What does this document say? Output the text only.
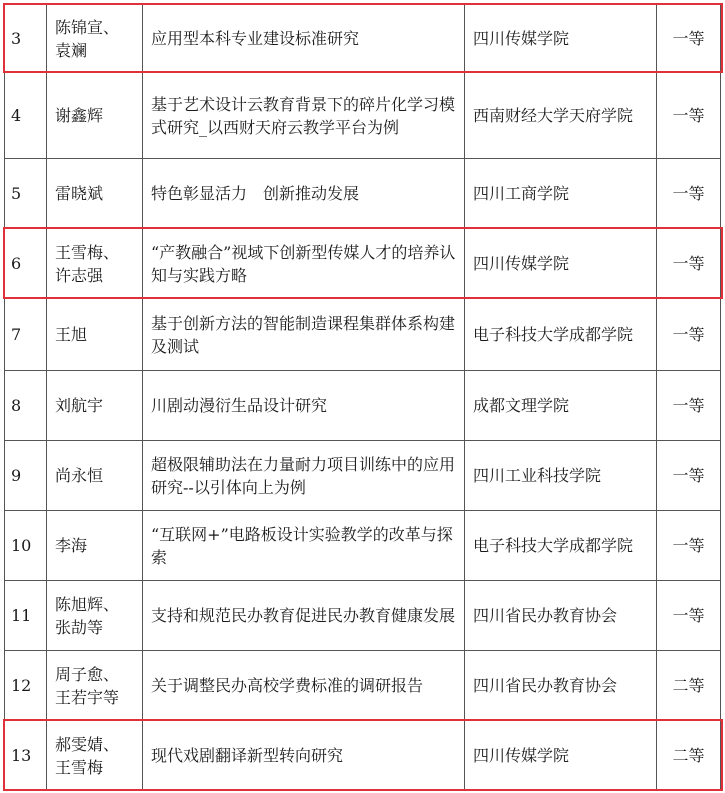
3	陈锦宣、袁斓	应用型本科专业建设标准研究	四川传媒学院	一等
4	谢鑫辉	基于艺术设计云教育背景下的碎片化学习模式研究_以西财天府云教学平台为例	西南财经大学天府学院	一等
5	雷晓斌	特色彰显活力　创新推动发展	四川工商学院	一等
6	王雪梅、许志强	“产教融合”视域下创新型传媒人才的培养认知与实践方略	四川传媒学院	一等
7	王旭	基于创新方法的智能制造课程集群体系构建及测试	电子科技大学成都学院	一等
8	刘航宇	川剧动漫衍生品设计研究	成都文理学院	一等
9	尚永恒	超极限辅助法在力量耐力项目训练中的应用研究--以引体向上为例	四川工业科技学院	一等
10	李海	“互联网+”电路板设计实验教学的改革与探索	电子科技大学成都学院	一等
11	陈旭辉、张劼等	支持和规范民办教育促进民办教育健康发展	四川省民办教育协会	一等
12	周子愈、王若宇等	关于调整民办高校学费标准的调研报告	四川省民办教育协会	二等
13	郝雯婧、王雪梅	现代戏剧翻译新型转向研究	四川传媒学院	二等
